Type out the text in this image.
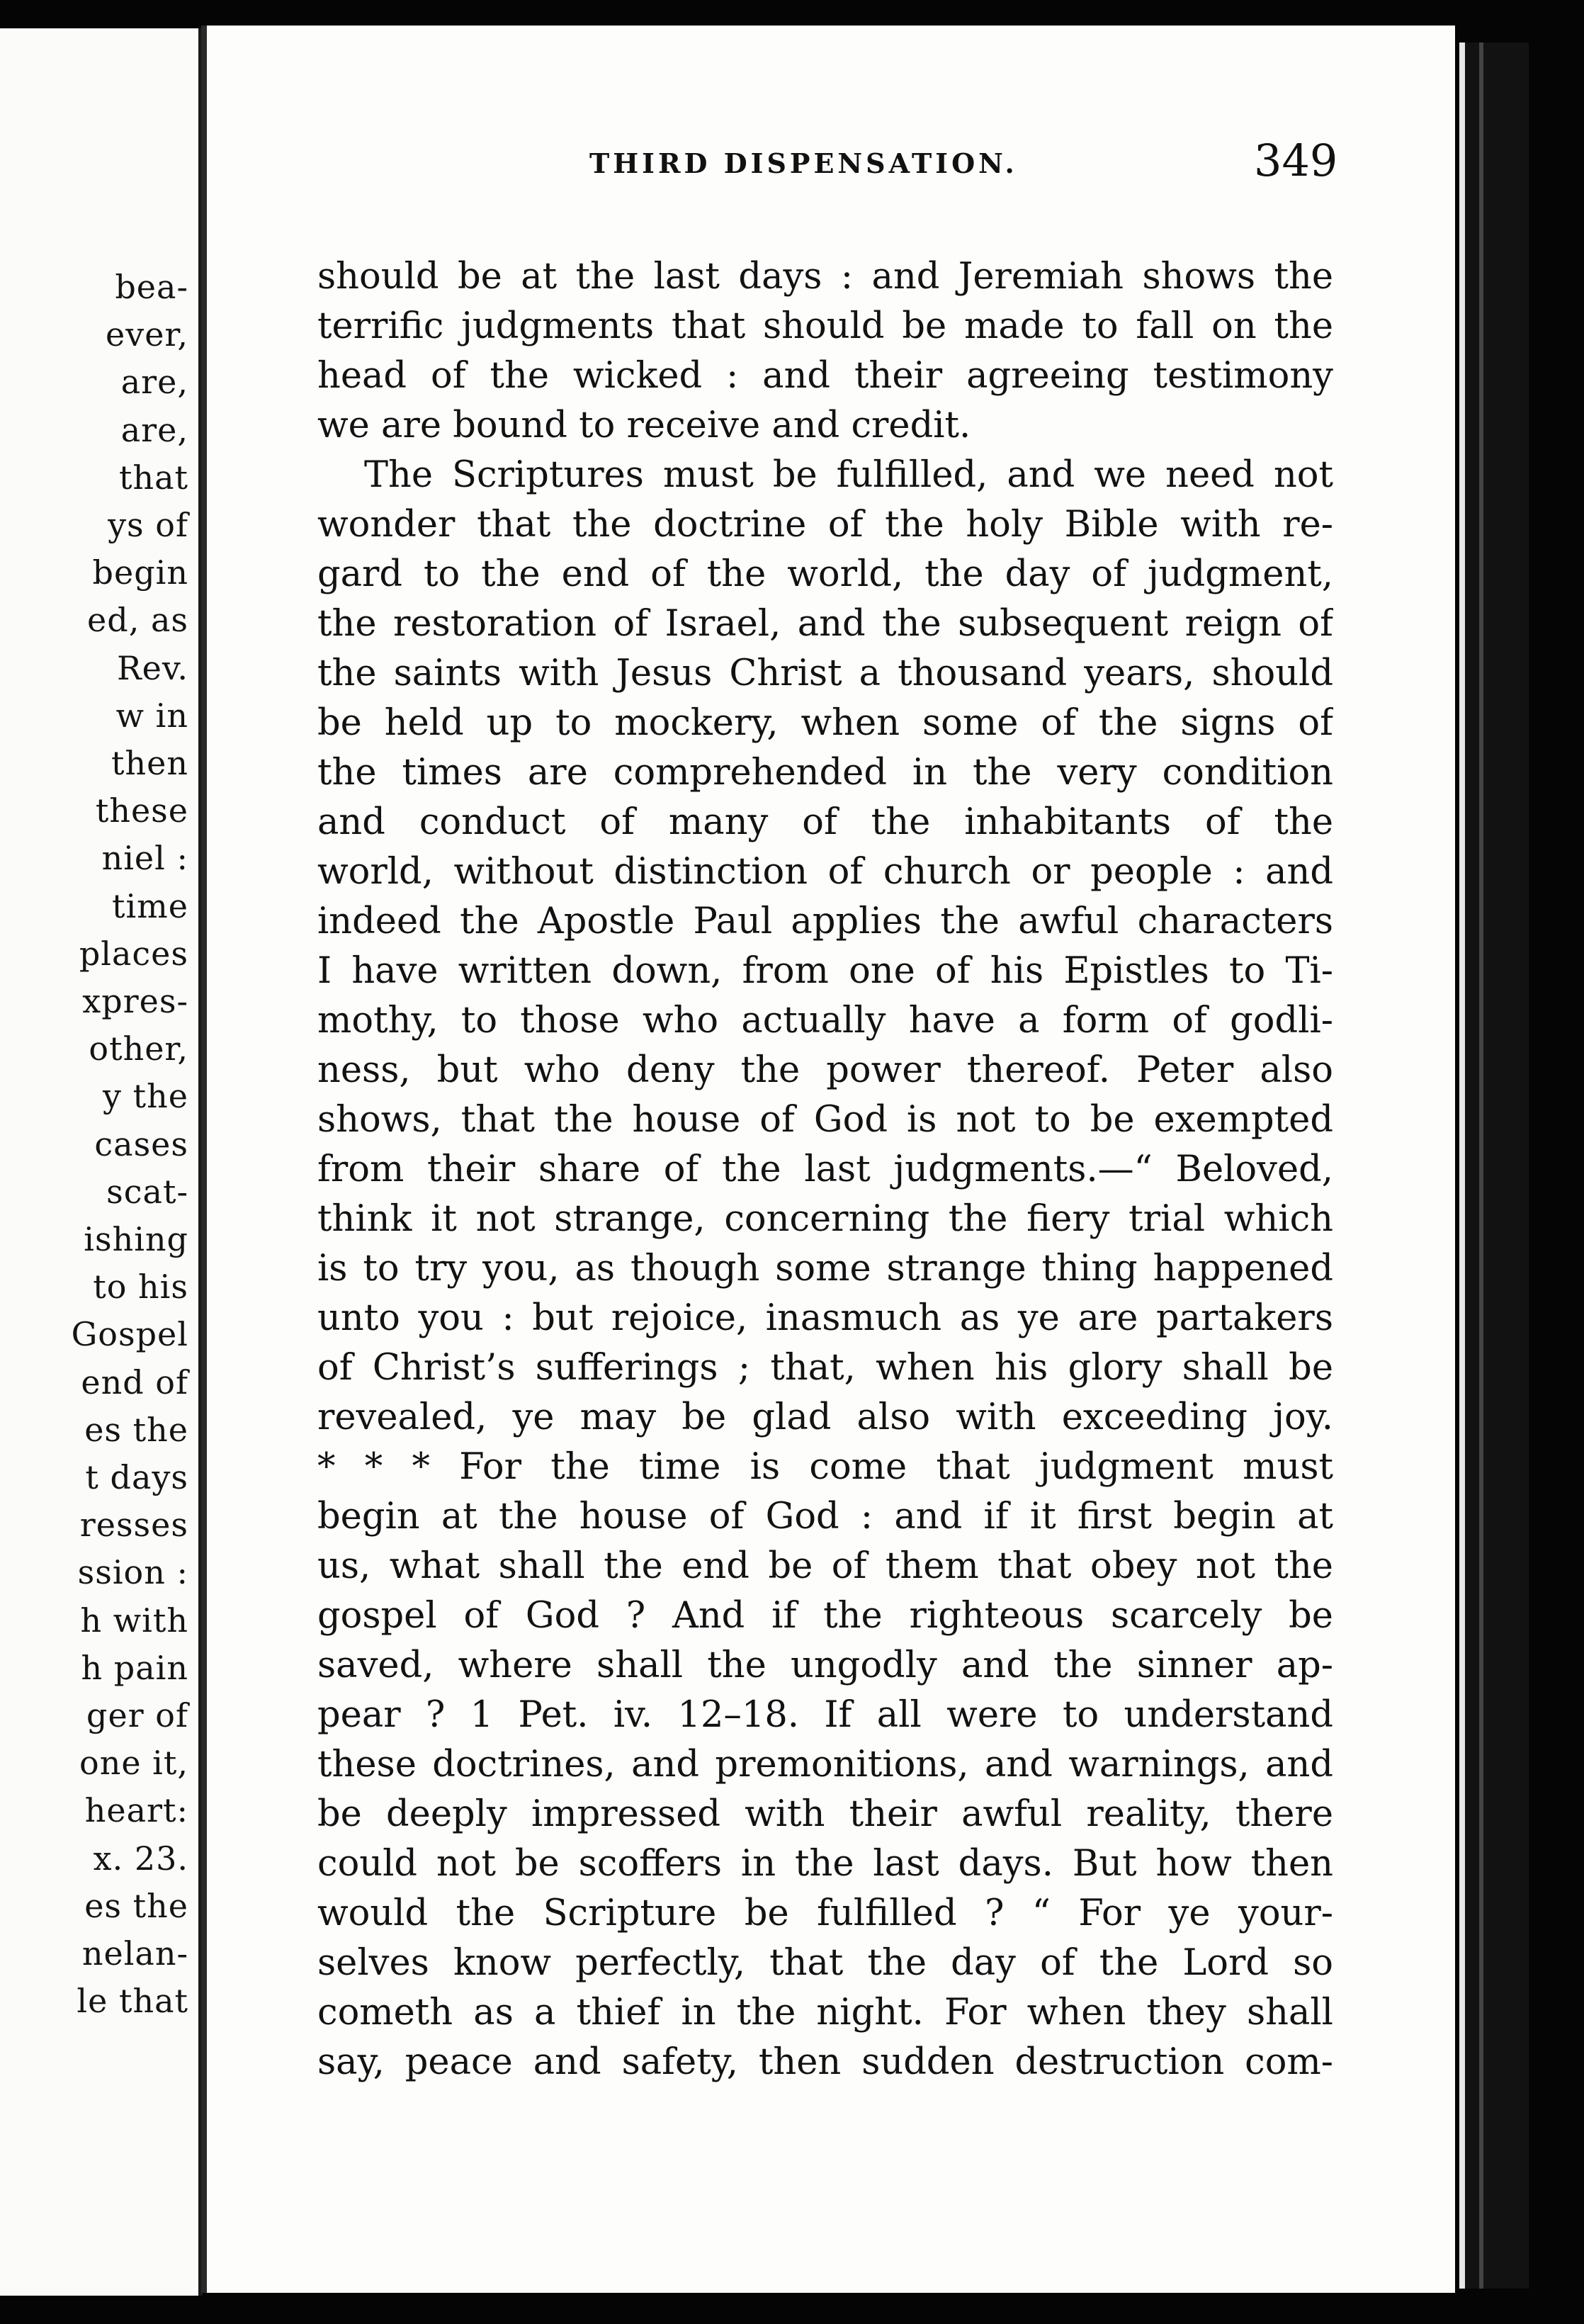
bea-
ever,
are,
are,
that
ys of
begin
ed, as
Rev.
w in
then
these
niel :
time
places
xpres-
other,
y the
cases
scat-
ishing
to his
Gospel
end of
es the
t days
resses
ssion :
h with
h pain
ger of
one it,
heart:
x. 23.
es the
nelan-
le that
THIRD DISPENSATION.	349
should be at the last days : and Jeremiah shows the
terrific judgments that should be made to fall on the
head of the wicked : and their agreeing testimony
we are bound to receive and credit.
The Scriptures must be fulfilled, and we need not
wonder that the doctrine of the holy Bible with re-
gard to the end of the world, the day of judgment,
the restoration of Israel, and the subsequent reign of
the saints with Jesus Christ a thousand years, should
be held up to mockery, when some of the signs of
the times are comprehended in the very condition
and conduct of many of the inhabitants of the
world, without distinction of church or people : and
indeed the Apostle Paul applies the awful characters
I have written down, from one of his Epistles to Ti-
mothy, to those who actually have a form of godli-
ness, but who deny the power thereof. Peter also
shows, that the house of God is not to be exempted
from their share of the last judgments.—“ Beloved,
think it not strange, concerning the fiery trial which
is to try you, as though some strange thing happened
unto you : but rejoice, inasmuch as ye are partakers
of Christ’s sufferings ; that, when his glory shall be
revealed, ye may be glad also with exceeding joy.
* * * For the time is come that judgment must
begin at the house of God : and if it first begin at
us, what shall the end be of them that obey not the
gospel of God ? And if the righteous scarcely be
saved, where shall the ungodly and the sinner ap-
pear ? 1 Pet. iv. 12–18. If all were to understand
these doctrines, and premonitions, and warnings, and
be deeply impressed with their awful reality, there
could not be scoffers in the last days. But how then
would the Scripture be fulfilled ? “ For ye your-
selves know perfectly, that the day of the Lord so
cometh as a thief in the night. For when they shall
say, peace and safety, then sudden destruction com-
